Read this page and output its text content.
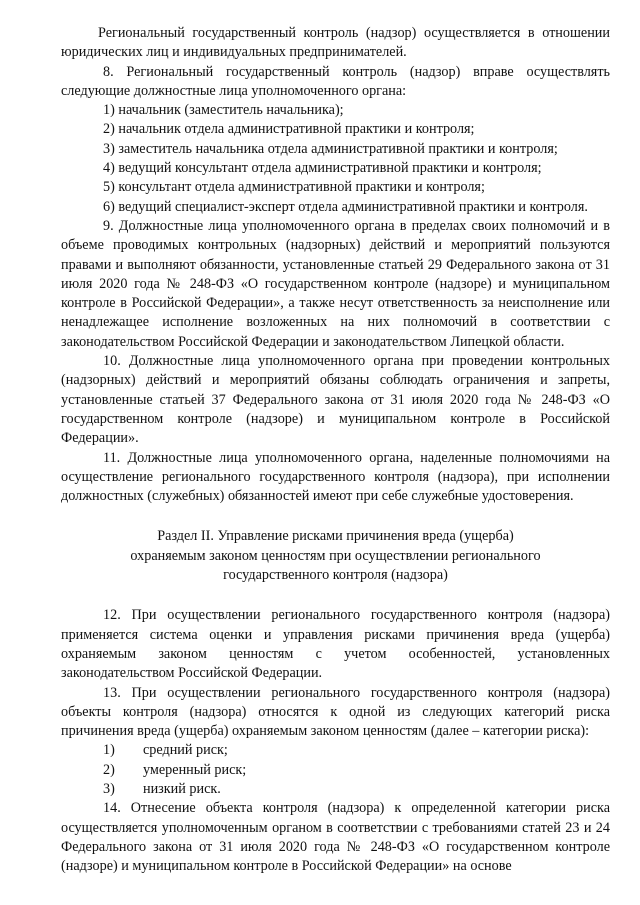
Региональный государственный контроль (надзор) осуществляется в отношении юридических лиц и индивидуальных предпринимателей.

8. Региональный государственный контроль (надзор) вправе осуществлять следующие должностные лица уполномоченного органа:

1) начальник (заместитель начальника);

2) начальник отдела административной практики и контроля;

3) заместитель начальника отдела административной практики и контроля;

4) ведущий консультант отдела административной практики и контроля;

5) консультант отдела административной практики и контроля;

6) ведущий специалист-эксперт отдела административной практики и контроля.

9. Должностные лица уполномоченного органа в пределах своих полномочий и в объеме проводимых контрольных (надзорных) действий и мероприятий пользуются правами и выполняют обязанности, установленные статьей 29 Федерального закона от 31 июля 2020 года № 248-ФЗ «О государственном контроле (надзоре) и муниципальном контроле в Российской Федерации», а также несут ответственность за неисполнение или ненадлежащее исполнение возложенных на них полномочий в соответствии с законодательством Российской Федерации и законодательством Липецкой области.

10. Должностные лица уполномоченного органа при проведении контрольных (надзорных) действий и мероприятий обязаны соблюдать ограничения и запреты, установленные статьей 37 Федерального закона от 31 июля 2020 года № 248-ФЗ «О государственном контроле (надзоре) и муниципальном контроле в Российской Федерации».

11. Должностные лица уполномоченного органа, наделенные полномочиями на осуществление регионального государственного контроля (надзора), при исполнении должностных (служебных) обязанностей имеют при себе служебные удостоверения.

Раздел II. Управление рисками причинения вреда (ущерба)
охраняемым законом ценностям при осуществлении регионального
государственного контроля (надзора)

12. При осуществлении регионального государственного контроля (надзора) применяется система оценки и управления рисками причинения вреда (ущерба) охраняемым законом ценностям с учетом особенностей, установленных законодательством Российской Федерации.

13. При осуществлении регионального государственного контроля (надзора) объекты контроля (надзора) относятся к одной из следующих категорий риска причинения вреда (ущерба) охраняемым законом ценностям (далее – категории риска):

1) средний риск;

2) умеренный риск;

3) низкий риск.

14. Отнесение объекта контроля (надзора) к определенной категории риска осуществляется уполномоченным органом в соответствии с требованиями статей 23 и 24 Федерального закона от 31 июля 2020 года № 248-ФЗ «О государственном контроле (надзоре) и муниципальном контроле в Российской Федерации» на основе
